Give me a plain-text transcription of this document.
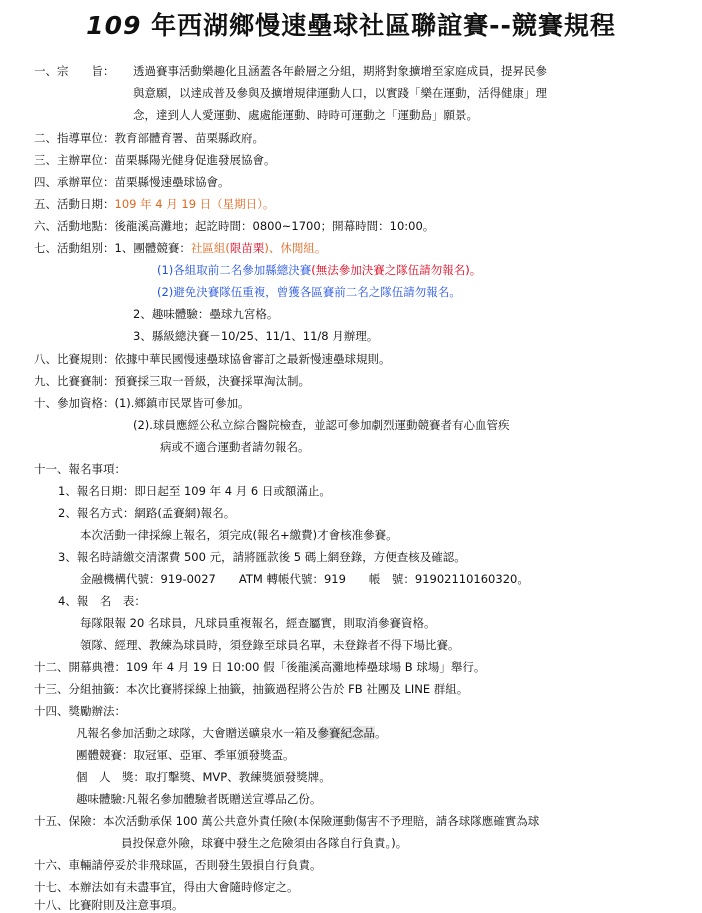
109 年西湖鄉慢速壘球社區聯誼賽--競賽規程
一、宗　　旨： 透過賽事活動樂趣化且涵蓋各年齡層之分組，期將對象擴增至家庭成員，提昇民參
與意願，以達成普及參與及擴增規律運動人口，以實踐「樂在運動，活得健康」理
念，達到人人愛運動、處處能運動、時時可運動之「運動島」願景。
二、指導單位：教育部體育署、苗栗縣政府。
三、主辦單位：苗栗縣陽光健身促進發展協會。
四、承辦單位：苗栗縣慢速壘球協會。
五、活動日期：109 年 4 月 19 日（星期日）。
六、活動地點：後龍溪高灘地；起訖時間：0800~1700；開幕時間：10:00。
七、活動組別：1、團體競賽：社區組(限苗栗)、休閒組。
(1)各組取前二名參加縣總決賽(無法參加決賽之隊伍請勿報名)。
(2)避免決賽隊伍重複，曾獲各區賽前二名之隊伍請勿報名。
2、趣味體驗：壘球九宮格。
3、縣級總決賽－10/25、11/1、11/8 月辦理。
八、比賽規則：依據中華民國慢速壘球協會審訂之最新慢速壘球規則。
九、比賽賽制：預賽採三取一晉級，決賽採單淘汰制。
十、參加資格：(1).鄉鎮市民眾皆可參加。
(2).球員應經公私立綜合醫院檢查，並認可參加劇烈運動競賽者有心血管疾
病或不適合運動者請勿報名。
十一、報名事項：
1、報名日期：即日起至 109 年 4 月 6 日或額滿止。
2、報名方式：網路(孟賽網)報名。
本次活動一律採線上報名，須完成(報名+繳費)才會核准參賽。
3、報名時請繳交清潔費 500 元，請將匯款後 5 碼上網登錄，方便查核及確認。
金融機構代號：919-0027　　ATM 轉帳代號：919　　帳　號：91902110160320。
4、報　名　表：
每隊限報 20 名球員，凡球員重複報名，經查屬實，則取消參賽資格。
領隊、經理、教練為球員時，須登錄至球員名單，未登錄者不得下場比賽。
十二、開幕典禮：109 年 4 月 19 日 10:00 假「後龍溪高灘地棒壘球場 B 球場」舉行。
十三、分組抽籤：本次比賽將採線上抽籤，抽籤過程將公告於 FB 社團及 LINE 群組。
十四、獎勵辦法：
凡報名參加活動之球隊，大會贈送礦泉水一箱及參賽紀念品。
團體競賽：取冠軍、亞軍、季軍頒發獎盃。
個　人　獎：取打擊獎、MVP、教練獎頒發獎牌。
趣味體驗:凡報名參加體驗者既贈送宣導品乙份。
十五、保險：本次活動承保 100 萬公共意外責任險(本保險運動傷害不予理賠，請各球隊應確實為球
員投保意外險，球賽中發生之危險須由各隊自行負責。)。
十六、車輛請停妥於非飛球區，否則發生毀損自行負責。
十七、本辦法如有未盡事宜，得由大會隨時修定之。
十八、比賽附則及注意事項。
